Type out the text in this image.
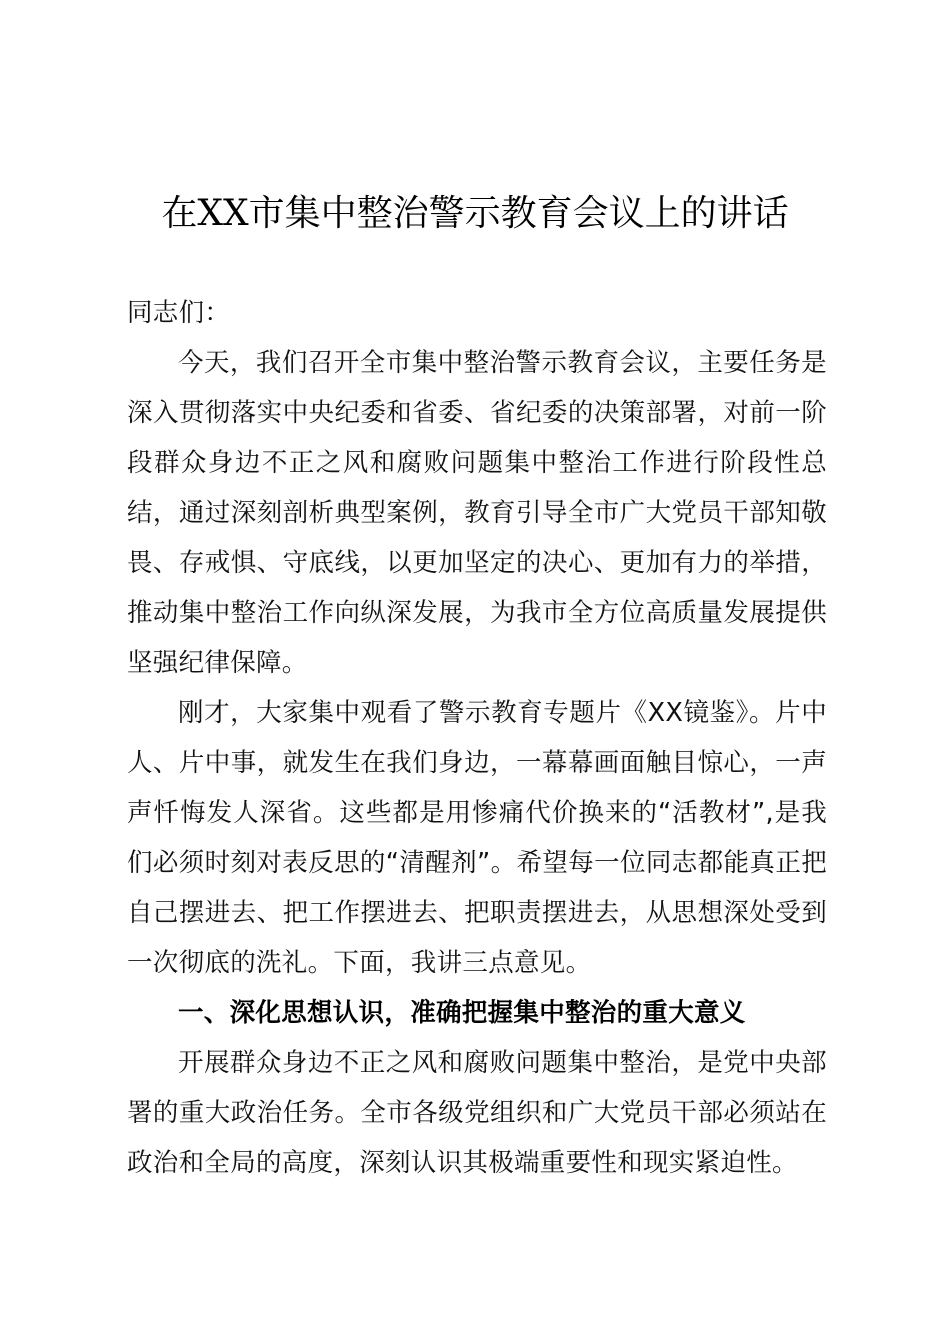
在XX市集中整治警示教育会议上的讲话

同志们：

今天，我们召开全市集中整治警示教育会议，主要任务是深入贯彻落实中央纪委和省委、省纪委的决策部署，对前一阶段群众身边不正之风和腐败问题集中整治工作进行阶段性总结，通过深刻剖析典型案例，教育引导全市广大党员干部知敬畏、存戒惧、守底线，以更加坚定的决心、更加有力的举措，推动集中整治工作向纵深发展，为我市全方位高质量发展提供坚强纪律保障。

刚才，大家集中观看了警示教育专题片《XX镜鉴》。片中人、片中事，就发生在我们身边，一幕幕画面触目惊心，一声声忏悔发人深省。这些都是用惨痛代价换来的“活教材”,是我们必须时刻对表反思的“清醒剂”。希望每一位同志都能真正把自己摆进去、把工作摆进去、把职责摆进去，从思想深处受到一次彻底的洗礼。下面，我讲三点意见。

一、深化思想认识，准确把握集中整治的重大意义

开展群众身边不正之风和腐败问题集中整治，是党中央部署的重大政治任务。全市各级党组织和广大党员干部必须站在政治和全局的高度，深刻认识其极端重要性和现实紧迫性。
